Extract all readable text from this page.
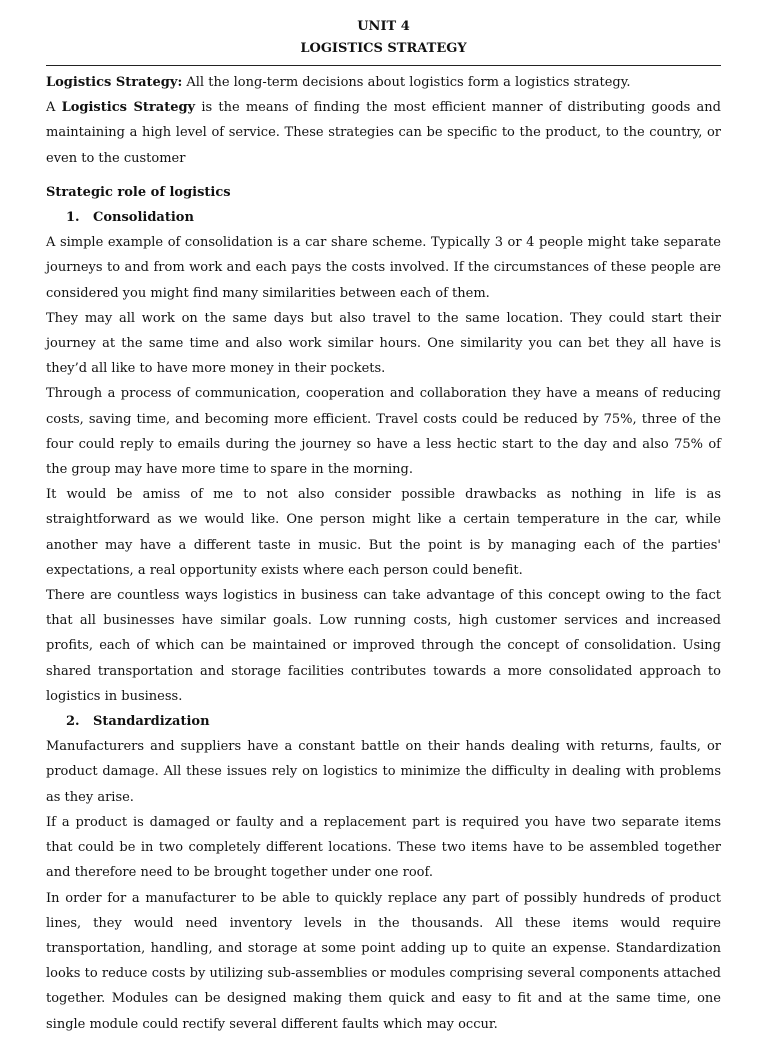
UNIT 4
LOGISTICS STRATEGY

Logistics Strategy: All the long-term decisions about logistics form a logistics strategy.

A Logistics Strategy is the means of finding the most efficient manner of distributing goods and maintaining a high level of service. These strategies can be specific to the product, to the country, or even to the customer

Strategic role of logistics
1. Consolidation

A simple example of consolidation is a car share scheme. Typically 3 or 4 people might take separate journeys to and from work and each pays the costs involved. If the circumstances of these people are considered you might find many similarities between each of them.

They may all work on the same days but also travel to the same location. They could start their journey at the same time and also work similar hours. One similarity you can bet they all have is they’d all like to have more money in their pockets.

Through a process of communication, cooperation and collaboration they have a means of reducing costs, saving time, and becoming more efficient. Travel costs could be reduced by 75%, three of the four could reply to emails during the journey so have a less hectic start to the day and also 75% of the group may have more time to spare in the morning.

It would be amiss of me to not also consider possible drawbacks as nothing in life is as straightforward as we would like. One person might like a certain temperature in the car, while another may have a different taste in music. But the point is by managing each of the parties' expectations, a real opportunity exists where each person could benefit.

There are countless ways logistics in business can take advantage of this concept owing to the fact that all businesses have similar goals. Low running costs, high customer services and increased profits, each of which can be maintained or improved through the concept of consolidation. Using shared transportation and storage facilities contributes towards a more consolidated approach to logistics in business.

2. Standardization

Manufacturers and suppliers have a constant battle on their hands dealing with returns, faults, or product damage. All these issues rely on logistics to minimize the difficulty in dealing with problems as they arise.

If a product is damaged or faulty and a replacement part is required you have two separate items that could be in two completely different locations. These two items have to be assembled together and therefore need to be brought together under one roof.

In order for a manufacturer to be able to quickly replace any part of possibly hundreds of product lines, they would need inventory levels in the thousands. All these items would require transportation, handling, and storage at some point adding up to quite an expense. Standardization looks to reduce costs by utilizing sub-assemblies or modules comprising several components attached together. Modules can be designed making them quick and easy to fit and at the same time, one single module could rectify several different faults which may occur.
